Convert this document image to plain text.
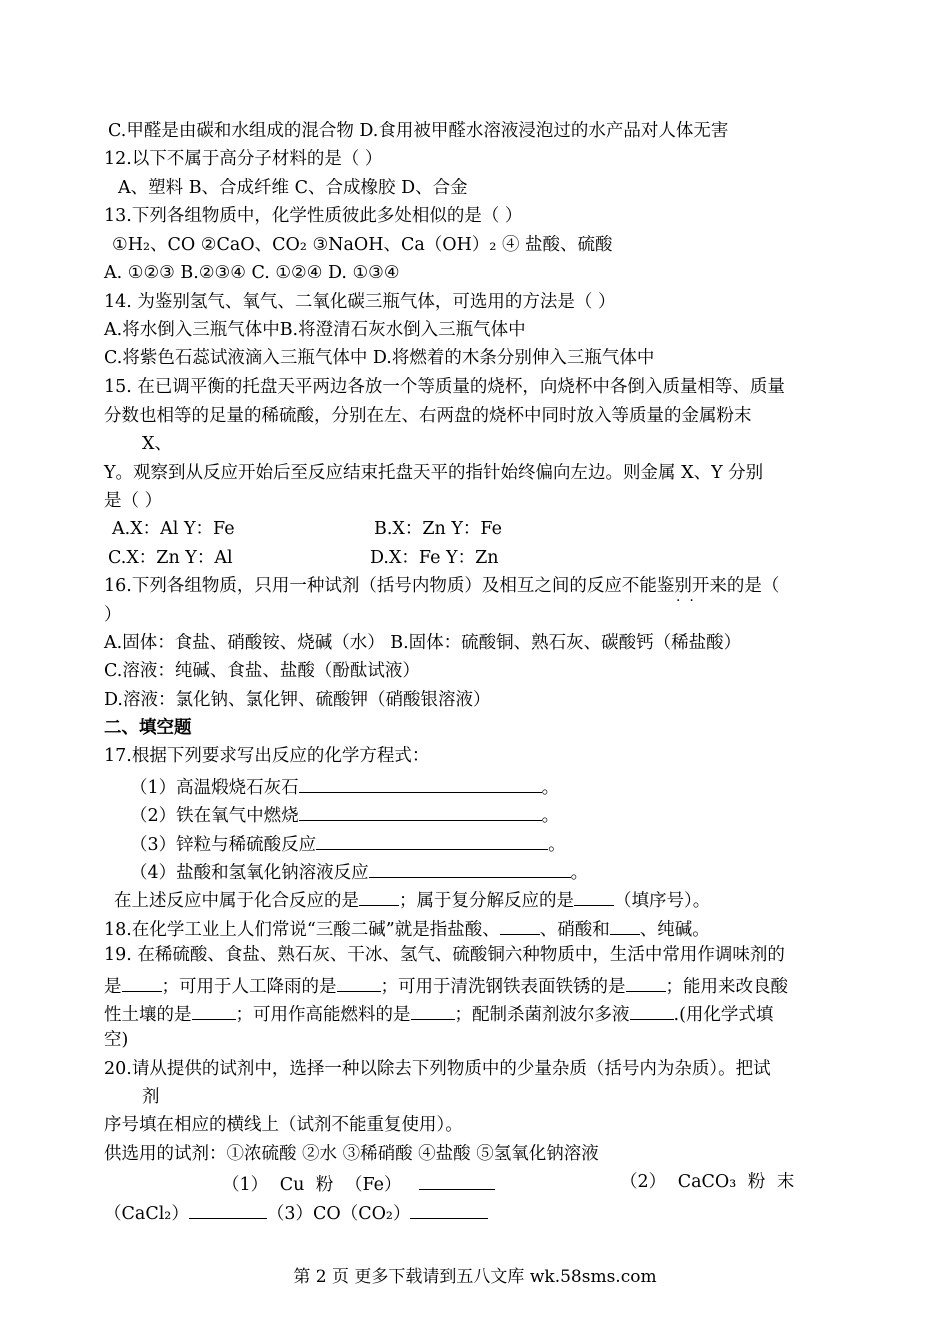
C.甲醛是由碳和水组成的混合物 D.食用被甲醛水溶液浸泡过的水产品对人体无害
12.以下不属于高分子材料的是（ ）
A、塑料 B、合成纤维 C、合成橡胶 D、合金
13.下列各组物质中，化学性质彼此多处相似的是（ ）
①H₂、CO ②CaO、CO₂ ③NaOH、Ca（OH）₂ ④ 盐酸、硫酸
A. ①②③ B.②③④ C. ①②④ D. ①③④
14. 为鉴别氢气、氧气、二氧化碳三瓶气体，可选用的方法是（ ）
A.将水倒入三瓶气体中B.将澄清石灰水倒入三瓶气体中
C.将紫色石蕊试液滴入三瓶气体中 D.将燃着的木条分别伸入三瓶气体中
15. 在已调平衡的托盘天平两边各放一个等质量的烧杯，向烧杯中各倒入质量相等、质量
分数也相等的足量的稀硫酸，分别在左、右两盘的烧杯中同时放入等质量的金属粉末
X、
Y。观察到从反应开始后至反应结束托盘天平的指针始终偏向左边。则金属 X、Y 分别
是（ ）
A.X：Al Y：Fe	B.X：Zn Y：Fe
C.X：Zn Y：Al	D.X：Fe Y：Zn
16.下列各组物质，只用一种试剂（括号内物质）及相互之间的反应不能鉴别开来的是（
·  ·
）
A.固体：食盐、硝酸铵、烧碱（水） B.固体：硫酸铜、熟石灰、碳酸钙（稀盐酸）
C.溶液：纯碱、食盐、盐酸（酚酞试液）
D.溶液：氯化钠、氯化钾、硫酸钾（硝酸银溶液）
二、填空题
17.根据下列要求写出反应的化学方程式：
（1）高温煅烧石灰石	。
（2）铁在氧气中燃烧	。
（3）锌粒与稀硫酸反应	。
（4）盐酸和氢氧化钠溶液反应	。
在上述反应中属于化合反应的是 ；属于复分解反应的是 （填序号）。
18.在化学工业上人们常说“三酸二碱”就是指盐酸、 、硝酸和 、纯碱。
19. 在稀硫酸、食盐、熟石灰、干冰、氢气、硫酸铜六种物质中，生活中常用作调味剂的
是 ；可用于人工降雨的是	；可用于清洗钢铁表面铁锈的是 ；能用来改良酸
性土壤的是	；可用作高能燃料的是	；配制杀菌剂波尔多液	.(用化学式填
空)
20.请从提供的试剂中，选择一种以除去下列物质中的少量杂质（括号内为杂质）。把试
剂
序号填在相应的横线上（试剂不能重复使用）。
供选用的试剂：①浓硫酸 ②水 ③稀硝酸 ④盐酸 ⑤氢氧化钠溶液
（1） Cu 粉 （Fe）	（2） CaCO₃ 粉 末
（CaCl₂）	（3）CO（CO₂）
第 2 页 更多下载请到五八文库 wk.58sms.com
